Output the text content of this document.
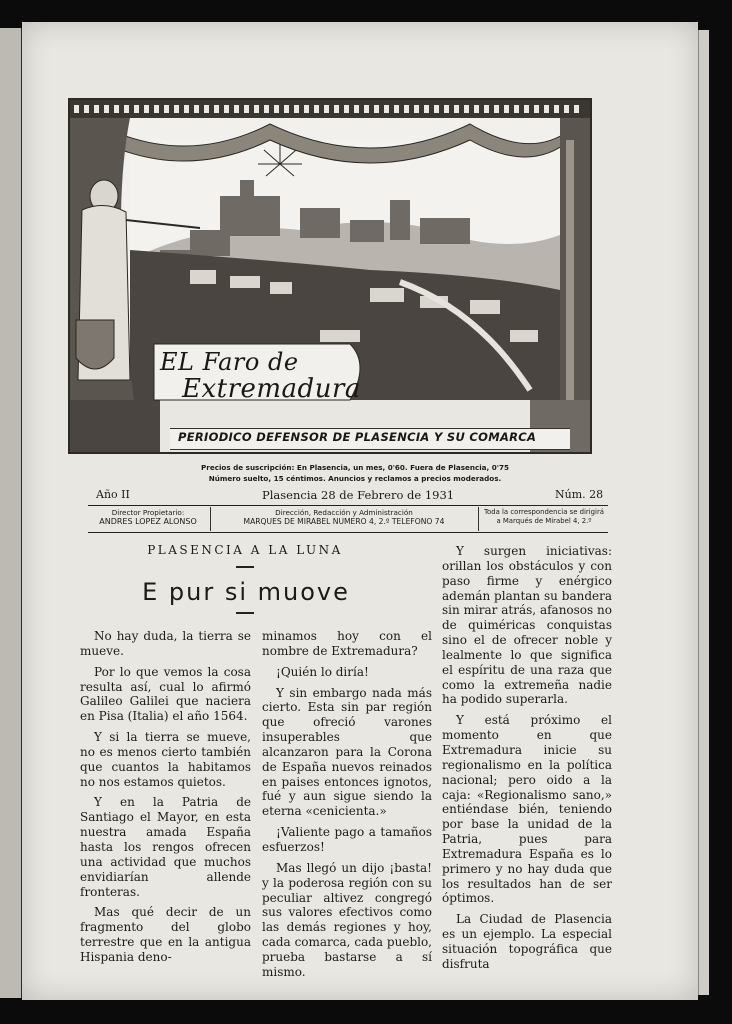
EL Faro de
Extremadura
PERIODICO DEFENSOR DE PLASENCIA Y SU COMARCA
Precios de suscripción: En Plasencia, un mes, 0'60. Fuera de Plasencia, 0'75
Número suelto, 15 céntimos. Anuncios y reclamos a precios moderados.
Año II	Plasencia 28 de Febrero de 1931	Núm. 28
Director Propietario:
ANDRES LOPEZ ALONSO
Dirección, Redacción y Administración
MARQUES DE MIRABEL NUMERO 4, 2.º TELEFONO 74
Toda la correspondencia se dirigirá
a Marqués de Mirabel 4, 2.º
PLASENCIA A LA LUNA
E pur si muove

No hay duda, la tierra se mueve.

Por lo que vemos la cosa resulta así, cual lo afirmó Galileo Galilei que naciera en Pisa (Italia) el año 1564.

Y si la tierra se mueve, no es menos cierto también que cuantos la habitamos no nos estamos quietos.

Y en la Patria de Santiago el Mayor, en esta nuestra amada España hasta los rengos ofrecen una actividad que muchos envidiarían allende fronteras.

Mas qué decir de un fragmento del globo terrestre que en la antigua Hispania deno-

minamos hoy con el nombre de Extremadura?

¡Quién lo diría!

Y sin embargo nada más cierto. Esta sin par región que ofreció varones insuperables que alcanzaron para la Corona de España nuevos reinados en paises entonces ignotos, fué y aun sigue siendo la eterna «cenicienta.»

¡Valiente pago a tamaños esfuerzos!

Mas llegó un dijo ¡basta! y la poderosa región con su peculiar altivez congregó sus valores efectivos como las demás regiones y hoy, cada comarca, cada pueblo, prueba bastarse a sí mismo.

Y surgen iniciativas: orillan los obstáculos y con paso firme y enérgico ademán plantan su bandera sin mirar atrás, afanosos no de quiméricas conquistas sino el de ofrecer noble y lealmente lo que significa el espíritu de una raza que como la extremeña nadie ha podido superarla.

Y está próximo el momento en que Extremadura inicie su regionalismo en la política nacional; pero oido a la caja: «Regionalismo sano,» entiéndase bién, teniendo por base la unidad de la Patria, pues para Extremadura España es lo primero y no hay duda que los resultados han de ser óptimos.

La Ciudad de Plasencia es un ejemplo. La especial situación topográfica que disfruta
